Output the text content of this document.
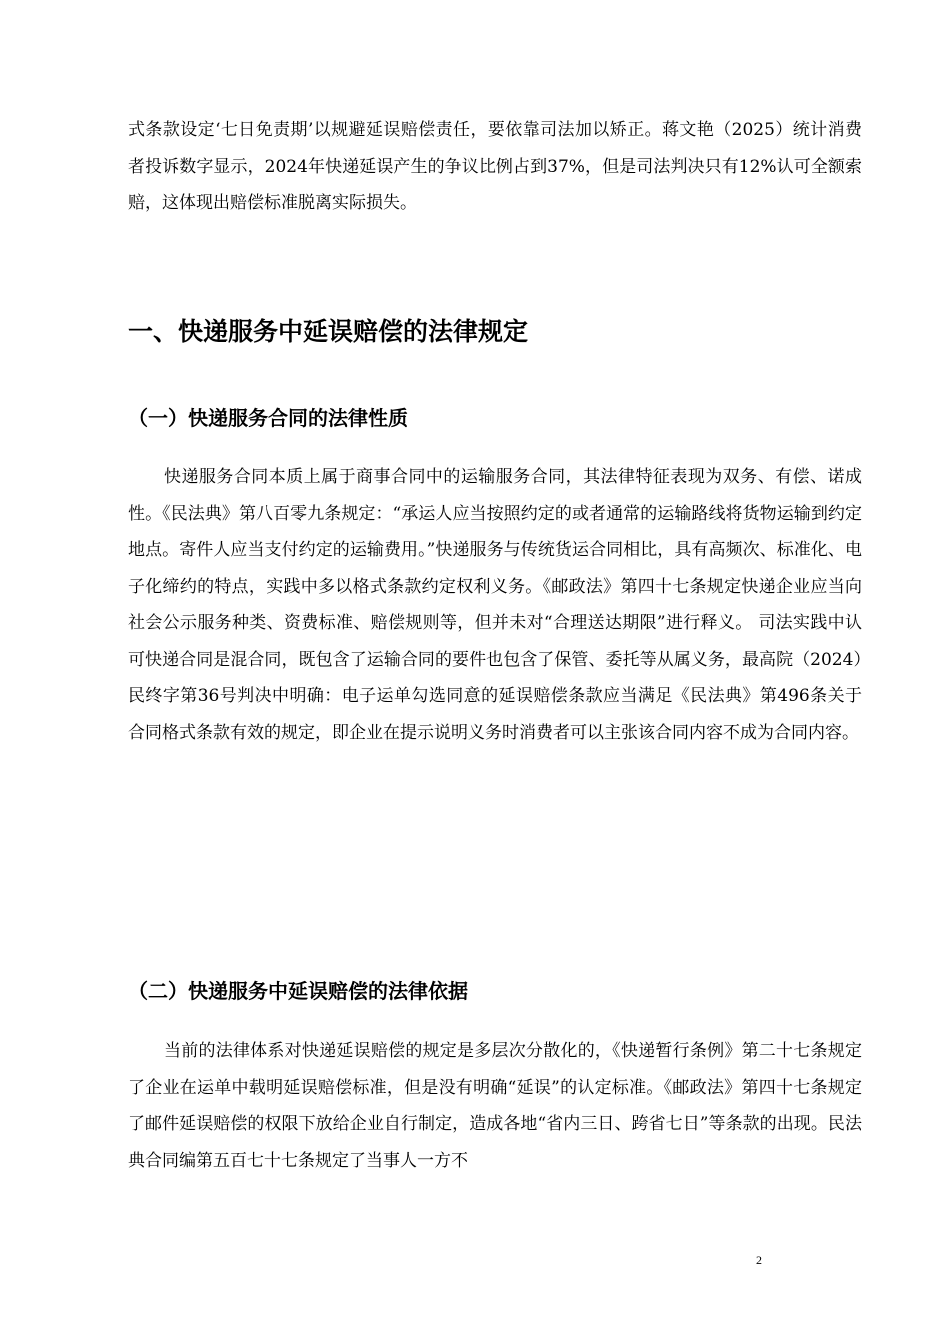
式条款设定‘七日免责期’以规避延误赔偿责任，要依靠司法加以矫正。蒋文艳（2025）统计消费者投诉数字显示，2024年快递延误产生的争议比例占到37%，但是司法判决只有12%认可全额索赔，这体现出赔偿标准脱离实际损失。

一、快递服务中延误赔偿的法律规定
（一）快递服务合同的法律性质

快递服务合同本质上属于商事合同中的运输服务合同，其法律特征表现为双务、有偿、诺成性。《民法典》第八百零九条规定：“承运人应当按照约定的或者通常的运输路线将货物运输到约定地点。寄件人应当支付约定的运输费用。”快递服务与传统货运合同相比，具有高频次、标准化、电子化缔约的特点，实践中多以格式条款约定权利义务。《邮政法》第四十七条规定快递企业应当向社会公示服务种类、资费标准、赔偿规则等，但并未对“合理送达期限”进行释义。 司法实践中认可快递合同是混合同，既包含了运输合同的要件也包含了保管、委托等从属义务，最高院（2024）民终字第36号判决中明确：电子运单勾选同意的延误赔偿条款应当满足《民法典》第496条关于合同格式条款有效的规定，即企业在提示说明义务时消费者可以主张该合同内容不成为合同内容。

（二）快递服务中延误赔偿的法律依据

当前的法律体系对快递延误赔偿的规定是多层次分散化的，《快递暂行条例》第二十七条规定了企业在运单中载明延误赔偿标准，但是没有明确“延误”的认定标准。《邮政法》第四十七条规定了邮件延误赔偿的权限下放给企业自行制定，造成各地“省内三日、跨省七日”等条款的出现。民法典合同编第五百七十七条规定了当事人一方不

2
